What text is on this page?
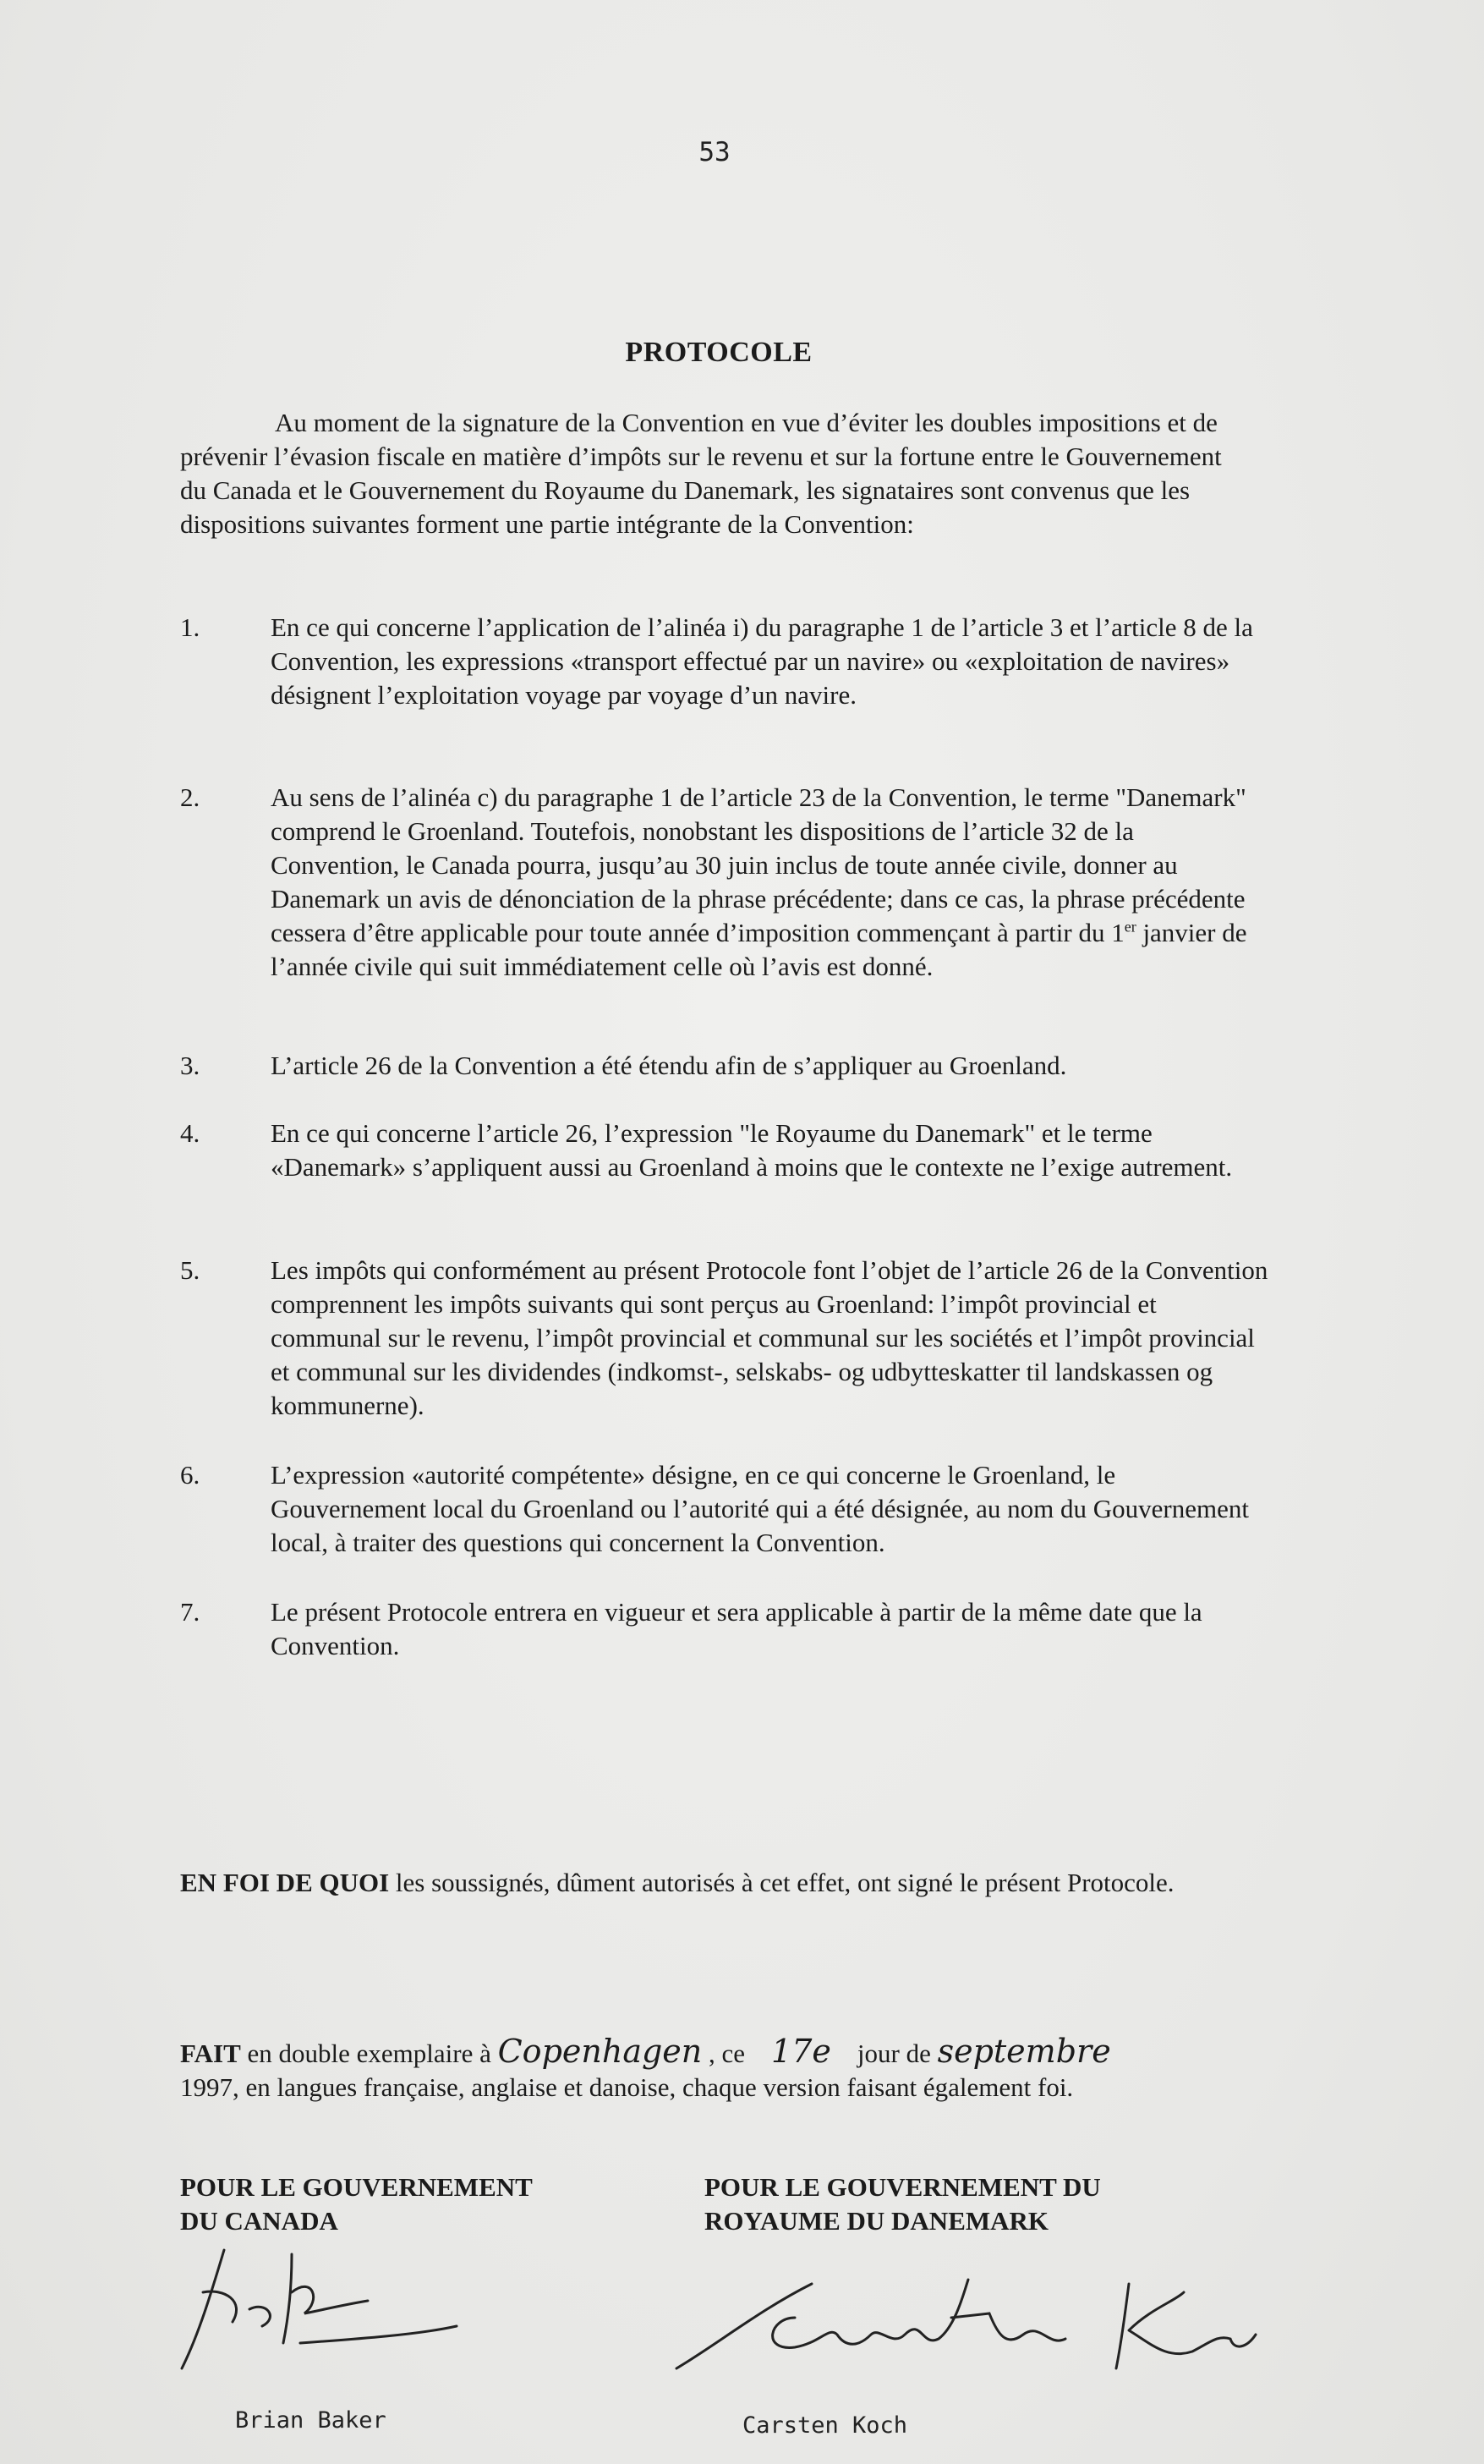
53
PROTOCOLE
Au moment de la signature de la Convention en vue d’éviter les doubles impositions et de prévenir l’évasion fiscale en matière d’impôts sur le revenu et sur la fortune entre le Gouvernement du Canada et le Gouvernement du Royaume du Danemark, les signataires sont convenus que les dispositions suivantes forment une partie intégrante de la Convention:
1.	En ce qui concerne l’application de l’alinéa i) du paragraphe 1 de l’article 3 et l’article 8 de la Convention, les expressions «transport effectué par un navire» ou «exploitation de navires» désignent l’exploitation voyage par voyage d’un navire.
2.	Au sens de l’alinéa c) du paragraphe 1 de l’article 23 de la Convention, le terme "Danemark" comprend le Groenland. Toutefois, nonobstant les dispositions de l’article 32 de la Convention, le Canada pourra, jusqu’au 30 juin inclus de toute année civile, donner au Danemark un avis de dénonciation de la phrase précédente; dans ce cas, la phrase précédente cessera d’être applicable pour toute année d’imposition commençant à partir du 1er janvier de l’année civile qui suit immédiatement celle où l’avis est donné.
3.	L’article 26 de la Convention a été étendu afin de s’appliquer au Groenland.
4.	En ce qui concerne l’article 26, l’expression "le Royaume du Danemark" et le terme «Danemark» s’appliquent aussi au Groenland à moins que le contexte ne l’exige autrement.
5.	Les impôts qui conformément au présent Protocole font l’objet de l’article 26 de la Convention comprennent les impôts suivants qui sont perçus au Groenland: l’impôt provincial et communal sur le revenu, l’impôt provincial et communal sur les sociétés et l’impôt provincial et communal sur les dividendes (indkomst-, selskabs- og udbytteskatter til landskassen og kommunerne).
6.	L’expression «autorité compétente» désigne, en ce qui concerne le Groenland, le Gouvernement local du Groenland ou l’autorité qui a été désignée, au nom du Gouvernement local, à traiter des questions qui concernent la Convention.
7.	Le présent Protocole entrera en vigueur et sera applicable à partir de la même date que la Convention.
EN FOI DE QUOI les soussignés, dûment autorisés à cet effet, ont signé le présent Protocole.
FAIT en double exemplaire à Copenhagen , ce    17e    jour de septembre
1997, en langues française, anglaise et danoise, chaque version faisant également foi.
POUR LE GOUVERNEMENT
DU CANADA
POUR LE GOUVERNEMENT DU
ROYAUME DU DANEMARK
Brian Baker	Carsten Koch
